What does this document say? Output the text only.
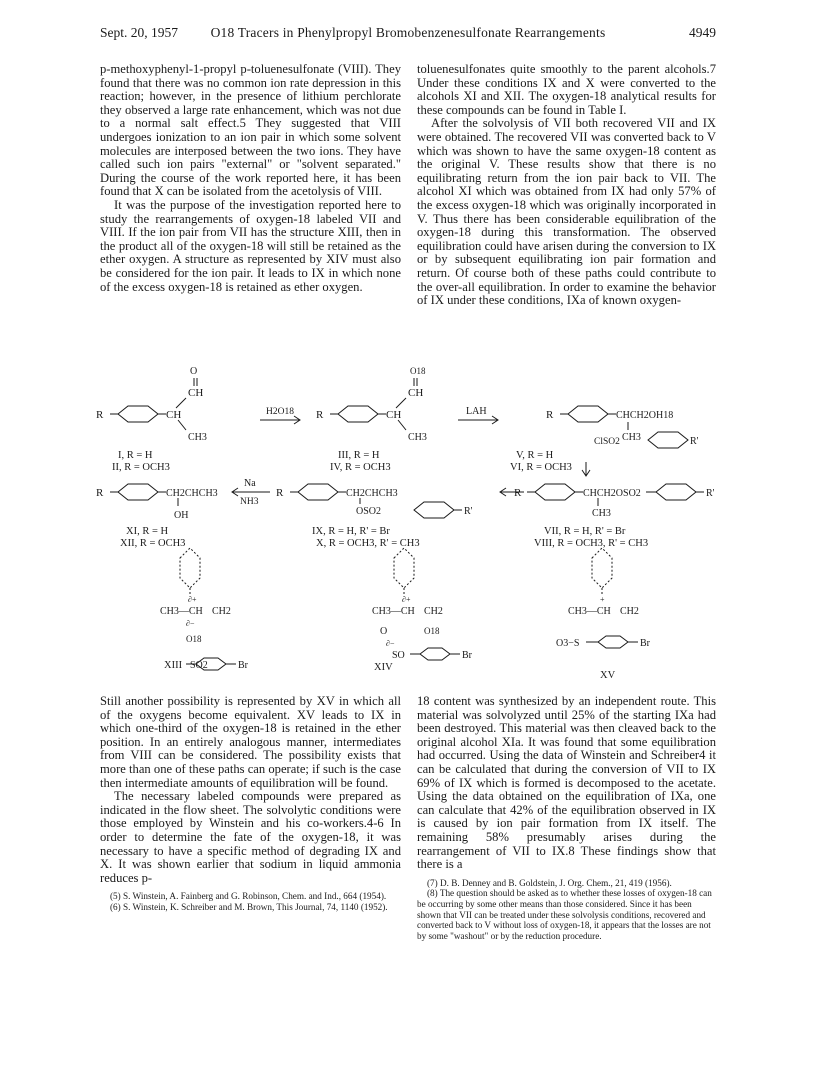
Sept. 20, 1957	O18 Tracers in Phenylpropyl Bromobenzenesulfonate Rearrangements	4949

p-methoxyphenyl-1-propyl p-toluenesulfonate (VIII). They found that there was no common ion rate depression in this reaction; however, in the presence of lithium perchlorate they observed a large rate enhancement, which was not due to a normal salt effect.5 They suggested that VIII undergoes ionization to an ion pair in which some solvent molecules are interposed between the two ions. They have called such ion pairs "external" or "solvent separated." During the course of the work reported here, it has been found that X can be isolated from the acetolysis of VIII.

It was the purpose of the investigation reported here to study the rearrangements of oxygen-18 labeled VII and VIII. If the ion pair from VII has the structure XIII, then in the product all of the oxygen-18 will still be retained as the ether oxygen. A structure as represented by XIV must also be considered for the ion pair. It leads to IX in which none of the excess oxygen-18 is retained as ether oxygen.

toluenesulfonates quite smoothly to the parent alcohols.7 Under these conditions IX and X were converted to the alcohols XI and XII. The oxygen-18 analytical results for these compounds can be found in Table I.

After the solvolysis of VII both recovered VII and IX were obtained. The recovered VII was converted back to V which was shown to have the same oxygen-18 content as the original V. These results show that there is no equilibrating return from the ion pair back to VII. The alcohol XI which was obtained from IX had only 57% of the excess oxygen-18 which was originally incorporated in V. Thus there has been considerable equilibration of the oxygen-18 during this transformation. The observed equilibration could have arisen during the conversion to IX or by subsequent equilibrating ion pair formation and return. Of course both of these paths could contribute to the over-all equilibration. In order to examine the behavior of IX under these conditions, IXa of known oxygen-

R	CH
O
CH
CH3
I, R = H
II, R = OCH3
H2O18 R	CH
O18
CH
CH3
III, R = H
IV, R = OCH3
LAH	R	CHCH2OH18
CH3
V, R = H
VI, R = OCH3
ClSO2	R'
R	CH2CHCH3
OH
XI, R = H
XII, R = OCH3
Na
NH3
R	CH2CHCH3
OSO2	R'
IX, R = H, R' = Br
X, R = OCH3, R' = CH3
R	CHCH2OSO2	R'
CH3
VII, R = H, R' = Br
VIII, R = OCH3, R' = CH3
∂+
CH3—CH CH2
∂−
O18
XIII SO2	Br
∂+
CH3—CH CH2
O	O18
∂−
SO
XIV
Br
+
CH3—CH CH2
O3−S	Br
XV

Still another possibility is represented by XV in which all of the oxygens become equivalent. XV leads to IX in which one-third of the oxygen-18 is retained in the ether position. In an entirely analogous manner, intermediates from VIII can be considered. The possibility exists that more than one of these paths can operate; if such is the case then intermediate amounts of equilibration will be found.

The necessary labeled compounds were prepared as indicated in the flow sheet. The solvolytic conditions were those employed by Winstein and his co-workers.4-6 In order to determine the fate of the oxygen-18, it was necessary to have a specific method of degrading IX and X. It was shown earlier that sodium in liquid ammonia reduces p-

(5) S. Winstein, A. Fainberg and G. Robinson, Chem. and Ind., 664 (1954).

(6) S. Winstein, K. Schreiber and M. Brown, This Journal, 74, 1140 (1952).

18 content was synthesized by an independent route. This material was solvolyzed until 25% of the starting IXa had been destroyed. This material was then cleaved back to the original alcohol XIa. It was found that some equilibration had occurred. Using the data of Winstein and Schreiber4 it can be calculated that during the conversion of VII to IX 69% of IX which is formed is decomposed to the acetate. Using the data obtained on the equilibration of IXa, one can calculate that 42% of the equilibration observed in IX is caused by ion pair formation from IX itself. The remaining 58% presumably arises during the rearrangement of VII to IX.8 These findings show that there is a

(7) D. B. Denney and B. Goldstein, J. Org. Chem., 21, 419 (1956).

(8) The question should be asked as to whether these losses of oxygen-18 can be occurring by some other means than those considered. Since it has been shown that VII can be treated under these solvolysis conditions, recovered and converted back to V without loss of oxygen-18, it appears that the losses are not by some "washout" or by the reduction procedure.
